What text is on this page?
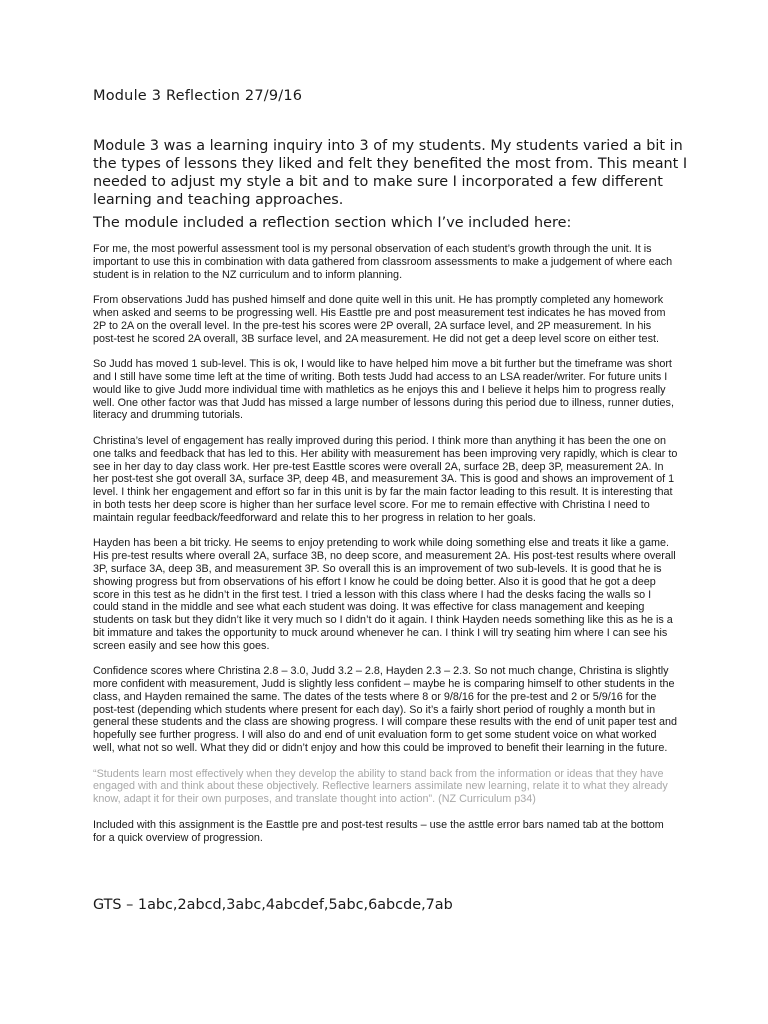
Module 3 Reflection 27/9/16

Module 3 was a learning inquiry into 3 of my students. My students varied a bit in the types of lessons they liked and felt they benefited the most from. This meant I needed to adjust my style a bit and to make sure I incorporated a few different learning and teaching approaches.

The module included a reflection section which I’ve included here:

For me, the most powerful assessment tool is my personal observation of each student’s growth through the unit. It is important to use this in combination with data gathered from classroom assessments to make a judgement of where each student is in relation to the NZ curriculum and to inform planning.

From observations Judd has pushed himself and done quite well in this unit. He has promptly completed any homework when asked and seems to be progressing well. His Easttle pre and post measurement test indicates he has moved from 2P to 2A on the overall level. In the pre-test his scores were 2P overall, 2A surface level, and 2P measurement. In his post-test he scored 2A overall, 3B surface level, and 2A measurement. He did not get a deep level score on either test.

So Judd has moved 1 sub-level. This is ok, I would like to have helped him move a bit further but the timeframe was short and I still have some time left at the time of writing. Both tests Judd had access to an LSA reader/writer. For future units I would like to give Judd more individual time with mathletics as he enjoys this and I believe it helps him to progress really well. One other factor was that Judd has missed a large number of lessons during this period due to illness, runner duties, literacy and drumming tutorials.

Christina’s level of engagement has really improved during this period. I think more than anything it has been the one on one talks and feedback that has led to this. Her ability with measurement has been improving very rapidly, which is clear to see in her day to day class work. Her pre-test Easttle scores were overall 2A, surface 2B, deep 3P, measurement 2A. In her post-test she got overall 3A, surface 3P, deep 4B, and measurement 3A. This is good and shows an improvement of 1 level. I think her engagement and effort so far in this unit is by far the main factor leading to this result. It is interesting that in both tests her deep score is higher than her surface level score. For me to remain effective with Christina I need to maintain regular feedback/feedforward and relate this to her progress in relation to her goals.

Hayden has been a bit tricky. He seems to enjoy pretending to work while doing something else and treats it like a game. His pre-test results where overall 2A, surface 3B, no deep score, and measurement 2A. His post-test results where overall 3P, surface 3A, deep 3B, and measurement 3P. So overall this is an improvement of two sub-levels. It is good that he is showing progress but from observations of his effort I know he could be doing better. Also it is good that he got a deep score in this test as he didn’t in the first test. I tried a lesson with this class where I had the desks facing the walls so I could stand in the middle and see what each student was doing. It was effective for class management and keeping students on task but they didn’t like it very much so I didn’t do it again. I think Hayden needs something like this as he is a bit immature and takes the opportunity to muck around whenever he can. I think I will try seating him where I can see his screen easily and see how this goes.

Confidence scores where Christina 2.8 – 3.0, Judd 3.2 – 2.8, Hayden 2.3 – 2.3. So not much change, Christina is slightly more confident with measurement, Judd is slightly less confident – maybe he is comparing himself to other students in the class, and Hayden remained the same. The dates of the tests where 8 or 9/8/16 for the pre-test and 2 or 5/9/16 for the post-test (depending which students where present for each day). So it’s a fairly short period of roughly a month but in general these students and the class are showing progress. I will compare these results with the end of unit paper test and hopefully see further progress. I will also do and end of unit evaluation form to get some student voice on what worked well, what not so well. What they did or didn’t enjoy and how this could be improved to benefit their learning in the future.

“Students learn most effectively when they develop the ability to stand back from the information or ideas that they have engaged with and think about these objectively. Reflective learners assimilate new learning, relate it to what they already know, adapt it for their own purposes, and translate thought into action”. (NZ Curriculum p34)

Included with this assignment is the Easttle pre and post-test results – use the asttle error bars named tab at the bottom for a quick overview of progression.

GTS – 1abc,2abcd,3abc,4abcdef,5abc,6abcde,7ab
